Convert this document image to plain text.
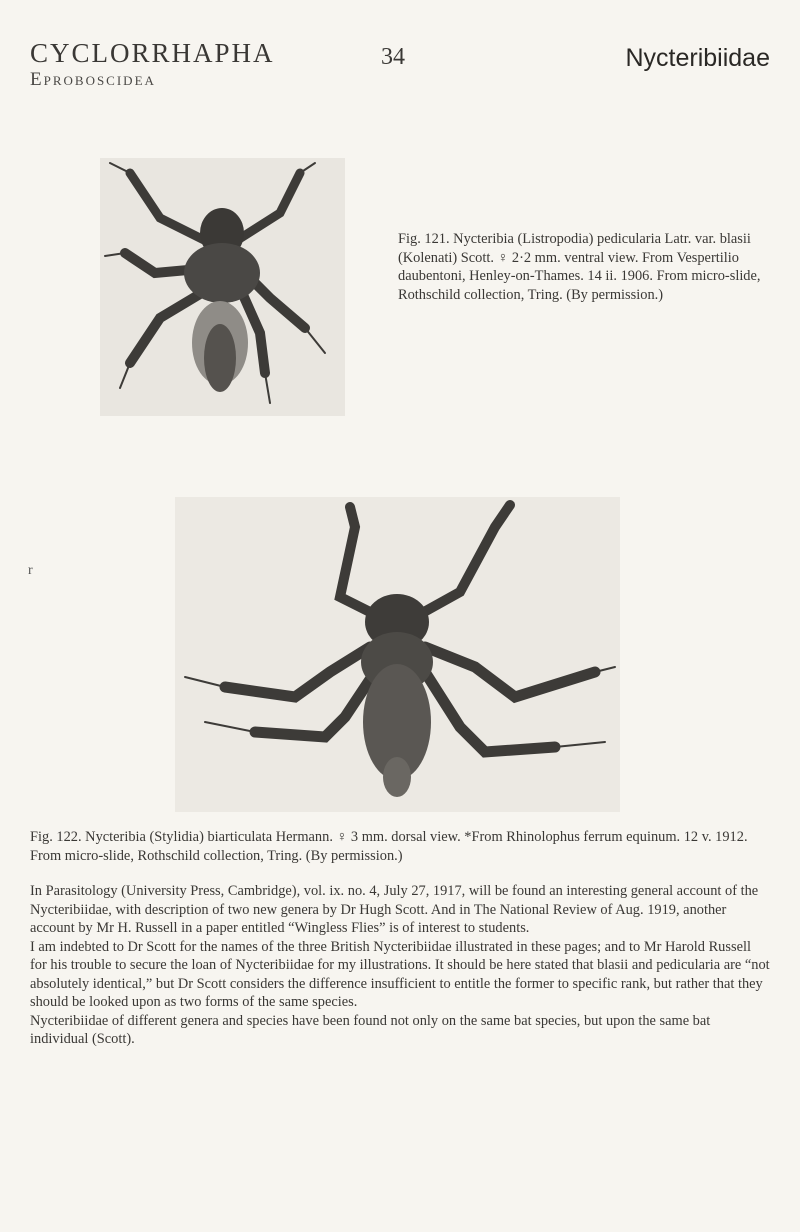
CYCLORRHAPHA
Eproboscidea
34	Nycteribiidae
Fig. 121. Nycteribia (Listropodia) pedicularia Latr. var. blasii (Kolenati) Scott. ♀ 2·2 mm. ventral view. From Vespertilio daubentoni, Henley-on-Thames. 14 ii. 1906. From micro-slide, Rothschild collection, Tring. (By permission.)
r
Fig. 122. Nycteribia (Stylidia) biarticulata Hermann. ♀ 3 mm. dorsal view. *From Rhinolophus ferrum equinum. 12 v. 1912. From micro-slide, Rothschild collection, Tring. (By permission.)

In Parasitology (University Press, Cambridge), vol. ix. no. 4, July 27, 1917, will be found an interesting general account of the Nycteribiidae, with description of two new genera by Dr Hugh Scott. And in The National Review of Aug. 1919, another account by Mr H. Russell in a paper entitled “Wingless Flies” is of interest to students.

I am indebted to Dr Scott for the names of the three British Nycteribiidae illustrated in these pages; and to Mr Harold Russell for his trouble to secure the loan of Nycteribiidae for my illustrations. It should be here stated that blasii and pedicularia are “not absolutely identical,” but Dr Scott considers the difference insufficient to entitle the former to specific rank, but rather that they should be looked upon as two forms of the same species.

Nycteribiidae of different genera and species have been found not only on the same bat species, but upon the same bat individual (Scott).
